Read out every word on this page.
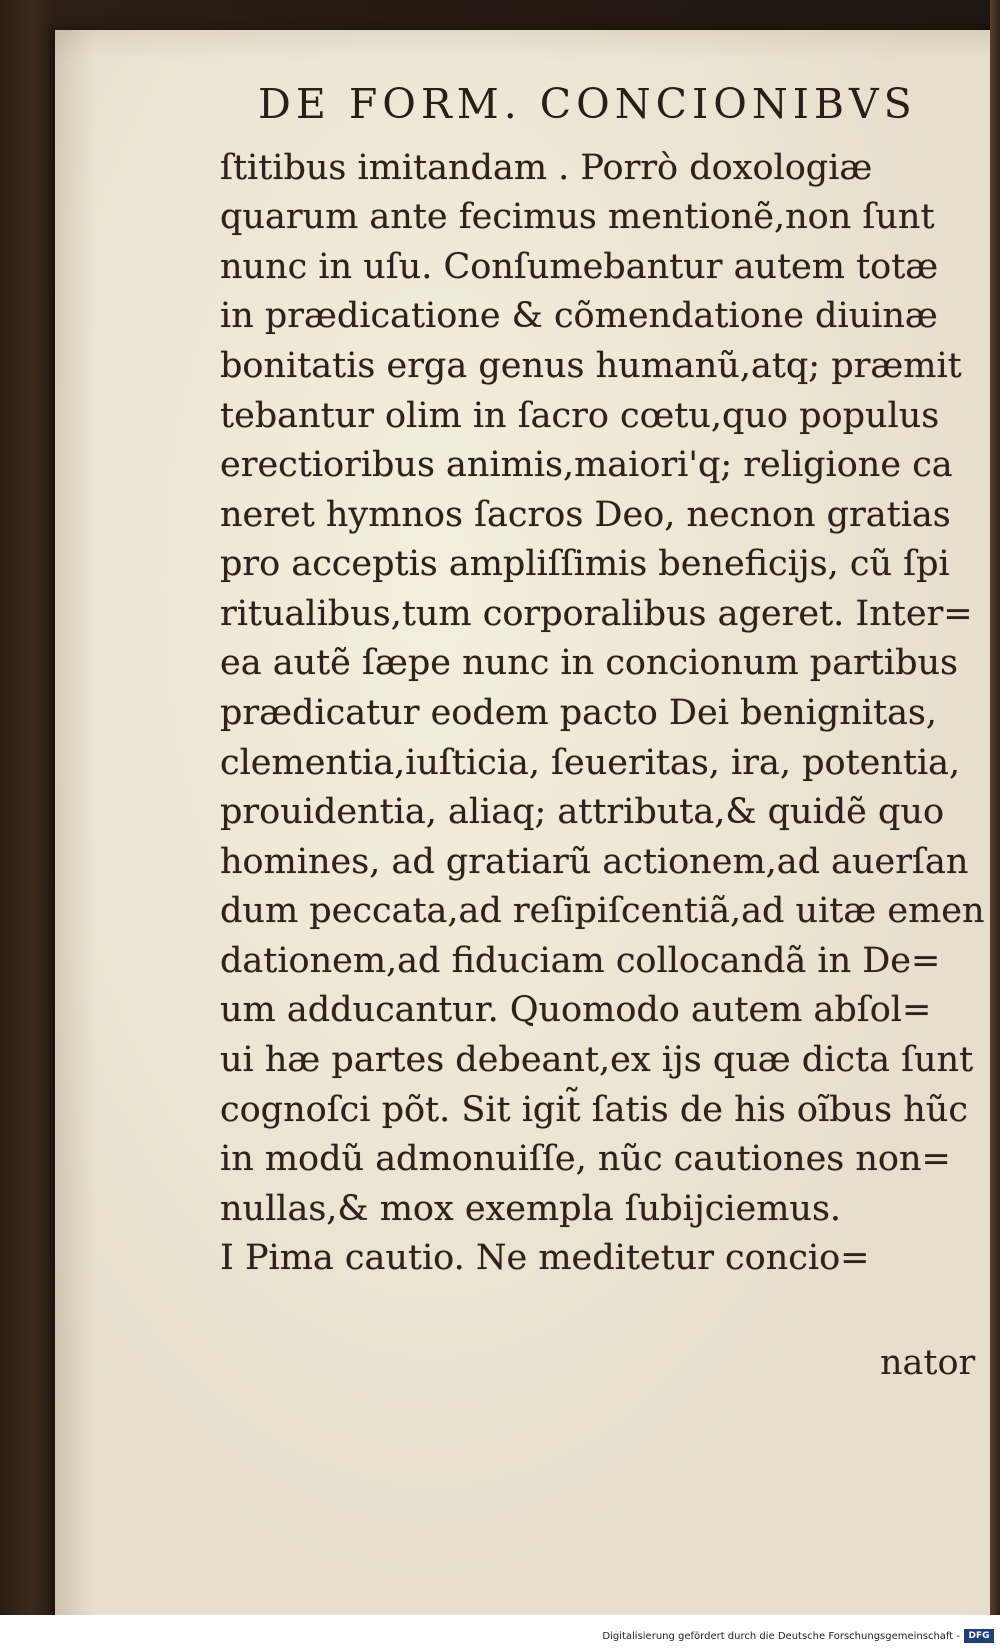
DE FORM. CONCIONIBVS
ſtitibus imitandam . Porrò doxologiæ
quarum ante fecimus mentionẽ,non ſunt
nunc in uſu. Conſumebantur autem totæ
in prædicatione & cõmendatione diuinæ
bonitatis erga genus humanũ,atq; præmit
tebantur olim in ſacro cœtu,quo populus
erectioribus animis,maiori'q; religione ca
neret hymnos ſacros Deo, necnon gratias
pro acceptis ampliſſimis beneficijs, cũ ſpi
ritualibus,tum corporalibus ageret. Inter=
ea autẽ ſæpe nunc in concionum partibus
prædicatur eodem pacto Dei benignitas,
clementia,iuſticia, ſeueritas, ira, potentia,
prouidentia, aliaq; attributa,& quidẽ quo
homines, ad gratiarũ actionem,ad auerſan
dum peccata,ad reſipiſcentiã,ad uitæ emen
dationem,ad fiduciam collocandã in De=
um adducantur. Quomodo autem abſol=
ui hæ partes debeant,ex ijs quæ dicta ſunt
cognoſci põt. Sit igit̃ ſatis de his oĩbus hũc
in modũ admonuiſſe, nũc cautiones non=
nullas,& mox exempla ſubijciemus.
I Pima cautio. Ne meditetur concio=
nator
Digitalisierung gefördert durch die Deutsche Forschungsgemeinschaft - DFG
